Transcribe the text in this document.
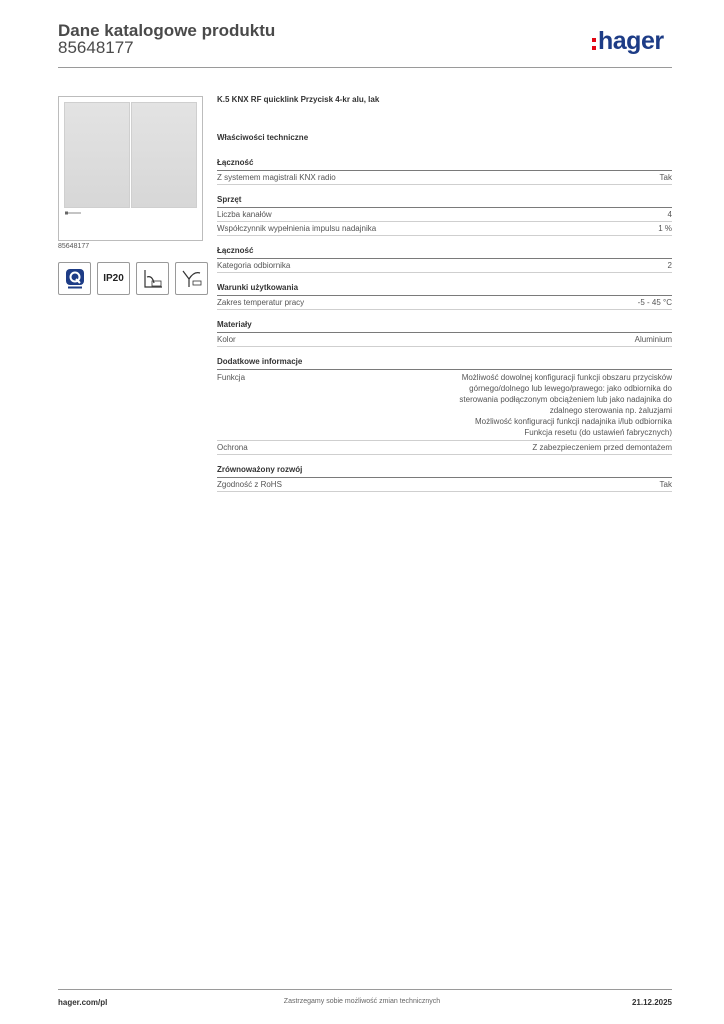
Dane katalogowe produktu
85648177	hager
85648177
IP20
K.5 KNX RF quicklink Przycisk 4-kr alu, lak
Właściwości techniczne
Łączność
Z systemem magistrali KNX radio	Tak
Sprzęt
Liczba kanałów	4
Współczynnik wypełnienia impulsu nadajnika	1 %
Łączność
Kategoria odbiornika	2
Warunki użytkowania
Zakres temperatur pracy	-5 - 45 °C
Materiały
Kolor	Aluminium
Dodatkowe informacje
Funkcja	Możliwość dowolnej konfiguracji funkcji obszaru przycisków
górnego/dolnego lub lewego/prawego: jako odbiornika do
sterowania podłączonym obciążeniem lub jako nadajnika do
zdalnego sterowania np. żaluzjami
Możliwość konfiguracji funkcji nadajnika i/lub odbiornika
Funkcja resetu (do ustawień fabrycznych)
Ochrona	Z zabezpieczeniem przed demontażem
Zrównoważony rozwój
Zgodność z RoHS	Tak
hager.com/pl	Zastrzegamy sobie możliwość zmian technicznych	21.12.2025
